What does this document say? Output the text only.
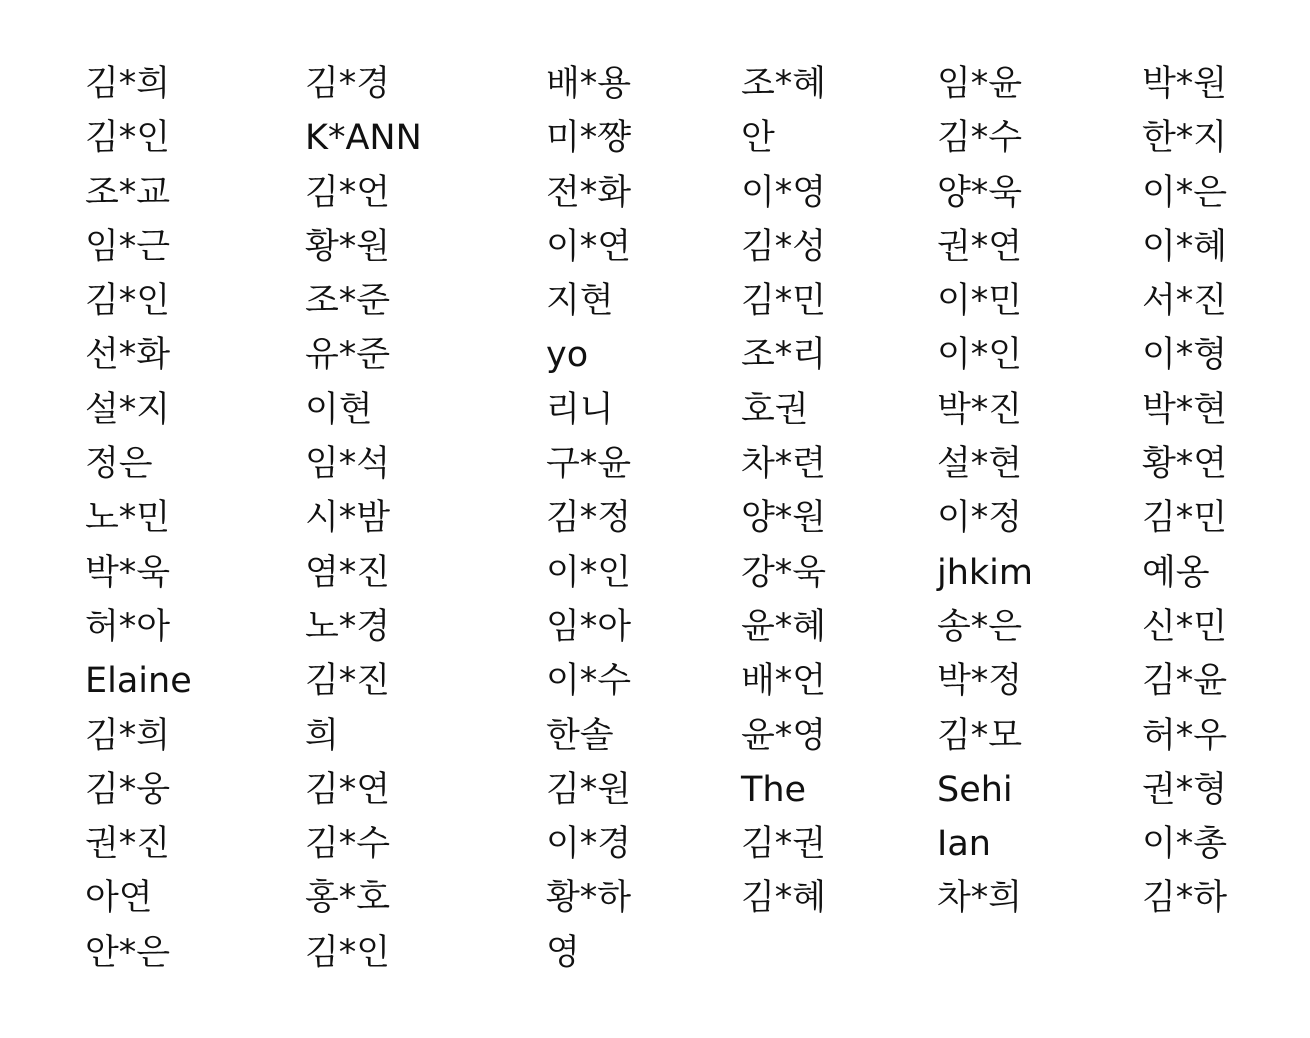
김*희
김*인
조*교
임*근
김*인
선*화
설*지
정은
노*민
박*욱
허*아
Elaine
김*희
김*웅
권*진
아연
안*은
김*경
K*ANN
김*언
황*원
조*준
유*준
이현
임*석
시*밤
염*진
노*경
김*진
희
김*연
김*수
홍*호
김*인
배*용
미*쨩
전*화
이*연
지현
yo
리니
구*윤
김*정
이*인
임*아
이*수
한솔
김*원
이*경
황*하
영
조*혜
안
이*영
김*성
김*민
조*리
호권
차*련
양*원
강*욱
윤*혜
배*언
윤*영
The
김*권
김*혜
임*윤
김*수
양*욱
권*연
이*민
이*인
박*진
설*현
이*정
jhkim
송*은
박*정
김*모
Sehi
Ian
차*희
박*원
한*지
이*은
이*혜
서*진
이*형
박*현
황*연
김*민
예옹
신*민
김*윤
허*우
권*형
이*총
김*하
